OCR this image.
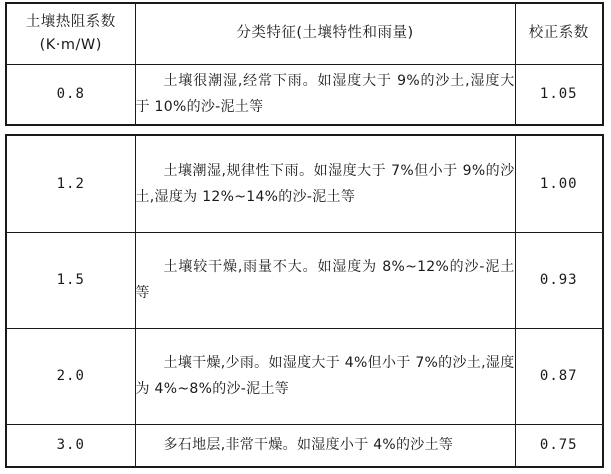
土壤热阻系数
(K·m/W)	分类特征(土壤特性和雨量)	校正系数
0.8	土壤很潮湿,经常下雨。如湿度大于 9%的沙土,湿度大于 10%的沙-泥土等	1.05
1.2	土壤潮湿,规律性下雨。如湿度大于 7%但小于 9%的沙土,湿度为 12%~14%的沙-泥土等	1.00
1.5	土壤较干燥,雨量不大。如湿度为 8%~12%的沙-泥土等	0.93
2.0	土壤干燥,少雨。如湿度大于 4%但小于 7%的沙土,湿度为 4%~8%的沙-泥土等	0.87
3.0	多石地层,非常干燥。如湿度小于 4%的沙土等	0.75
